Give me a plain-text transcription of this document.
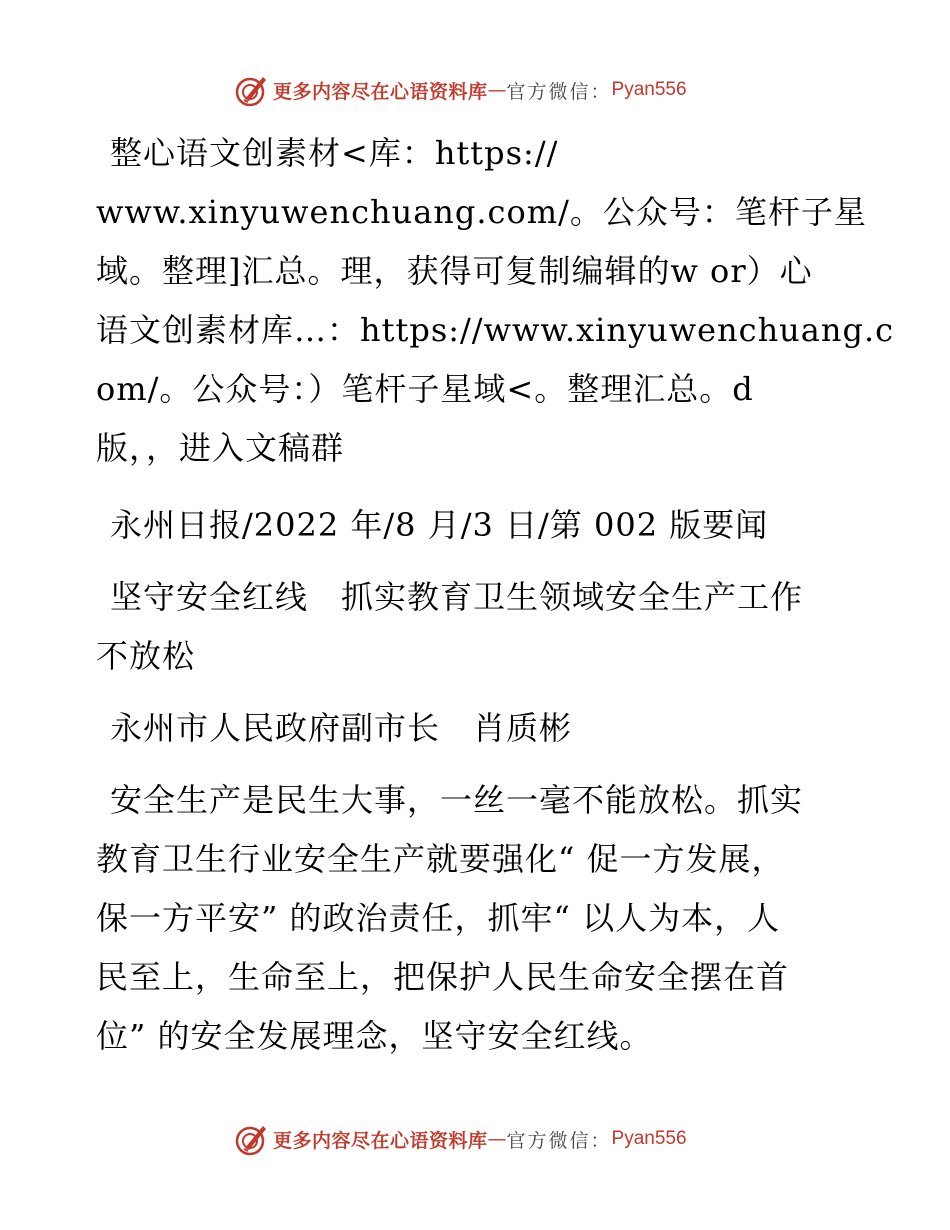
更多内容尽在心语资料库 — 官方微信： Pyan556
整心语文创素材<库：https://
www.xinyuwenchuang.com/。公众号：笔杆子星
域。整理]汇总。理，获得可复制编辑的w or）心
语文创素材库…：https://www.xinyuwenchuang.c
om/。公众号：）笔杆子星域<。整理汇总。d
版，，进入文稿群
永州日报/2022 年/8 月/3 日/第 002 版要闻
坚守安全红线　抓实教育卫生领域安全生产工作
不放松
永州市人民政府副市长　肖质彬
安全生产是民生大事，一丝一毫不能放松。抓实
教育卫生行业安全生产就要强化“ 促一方发展，
保一方平安” 的政治责任，抓牢“ 以人为本，人
民至上，生命至上，把保护人民生命安全摆在首
位” 的安全发展理念，坚守安全红线。
更多内容尽在心语资料库 — 官方微信： Pyan556
